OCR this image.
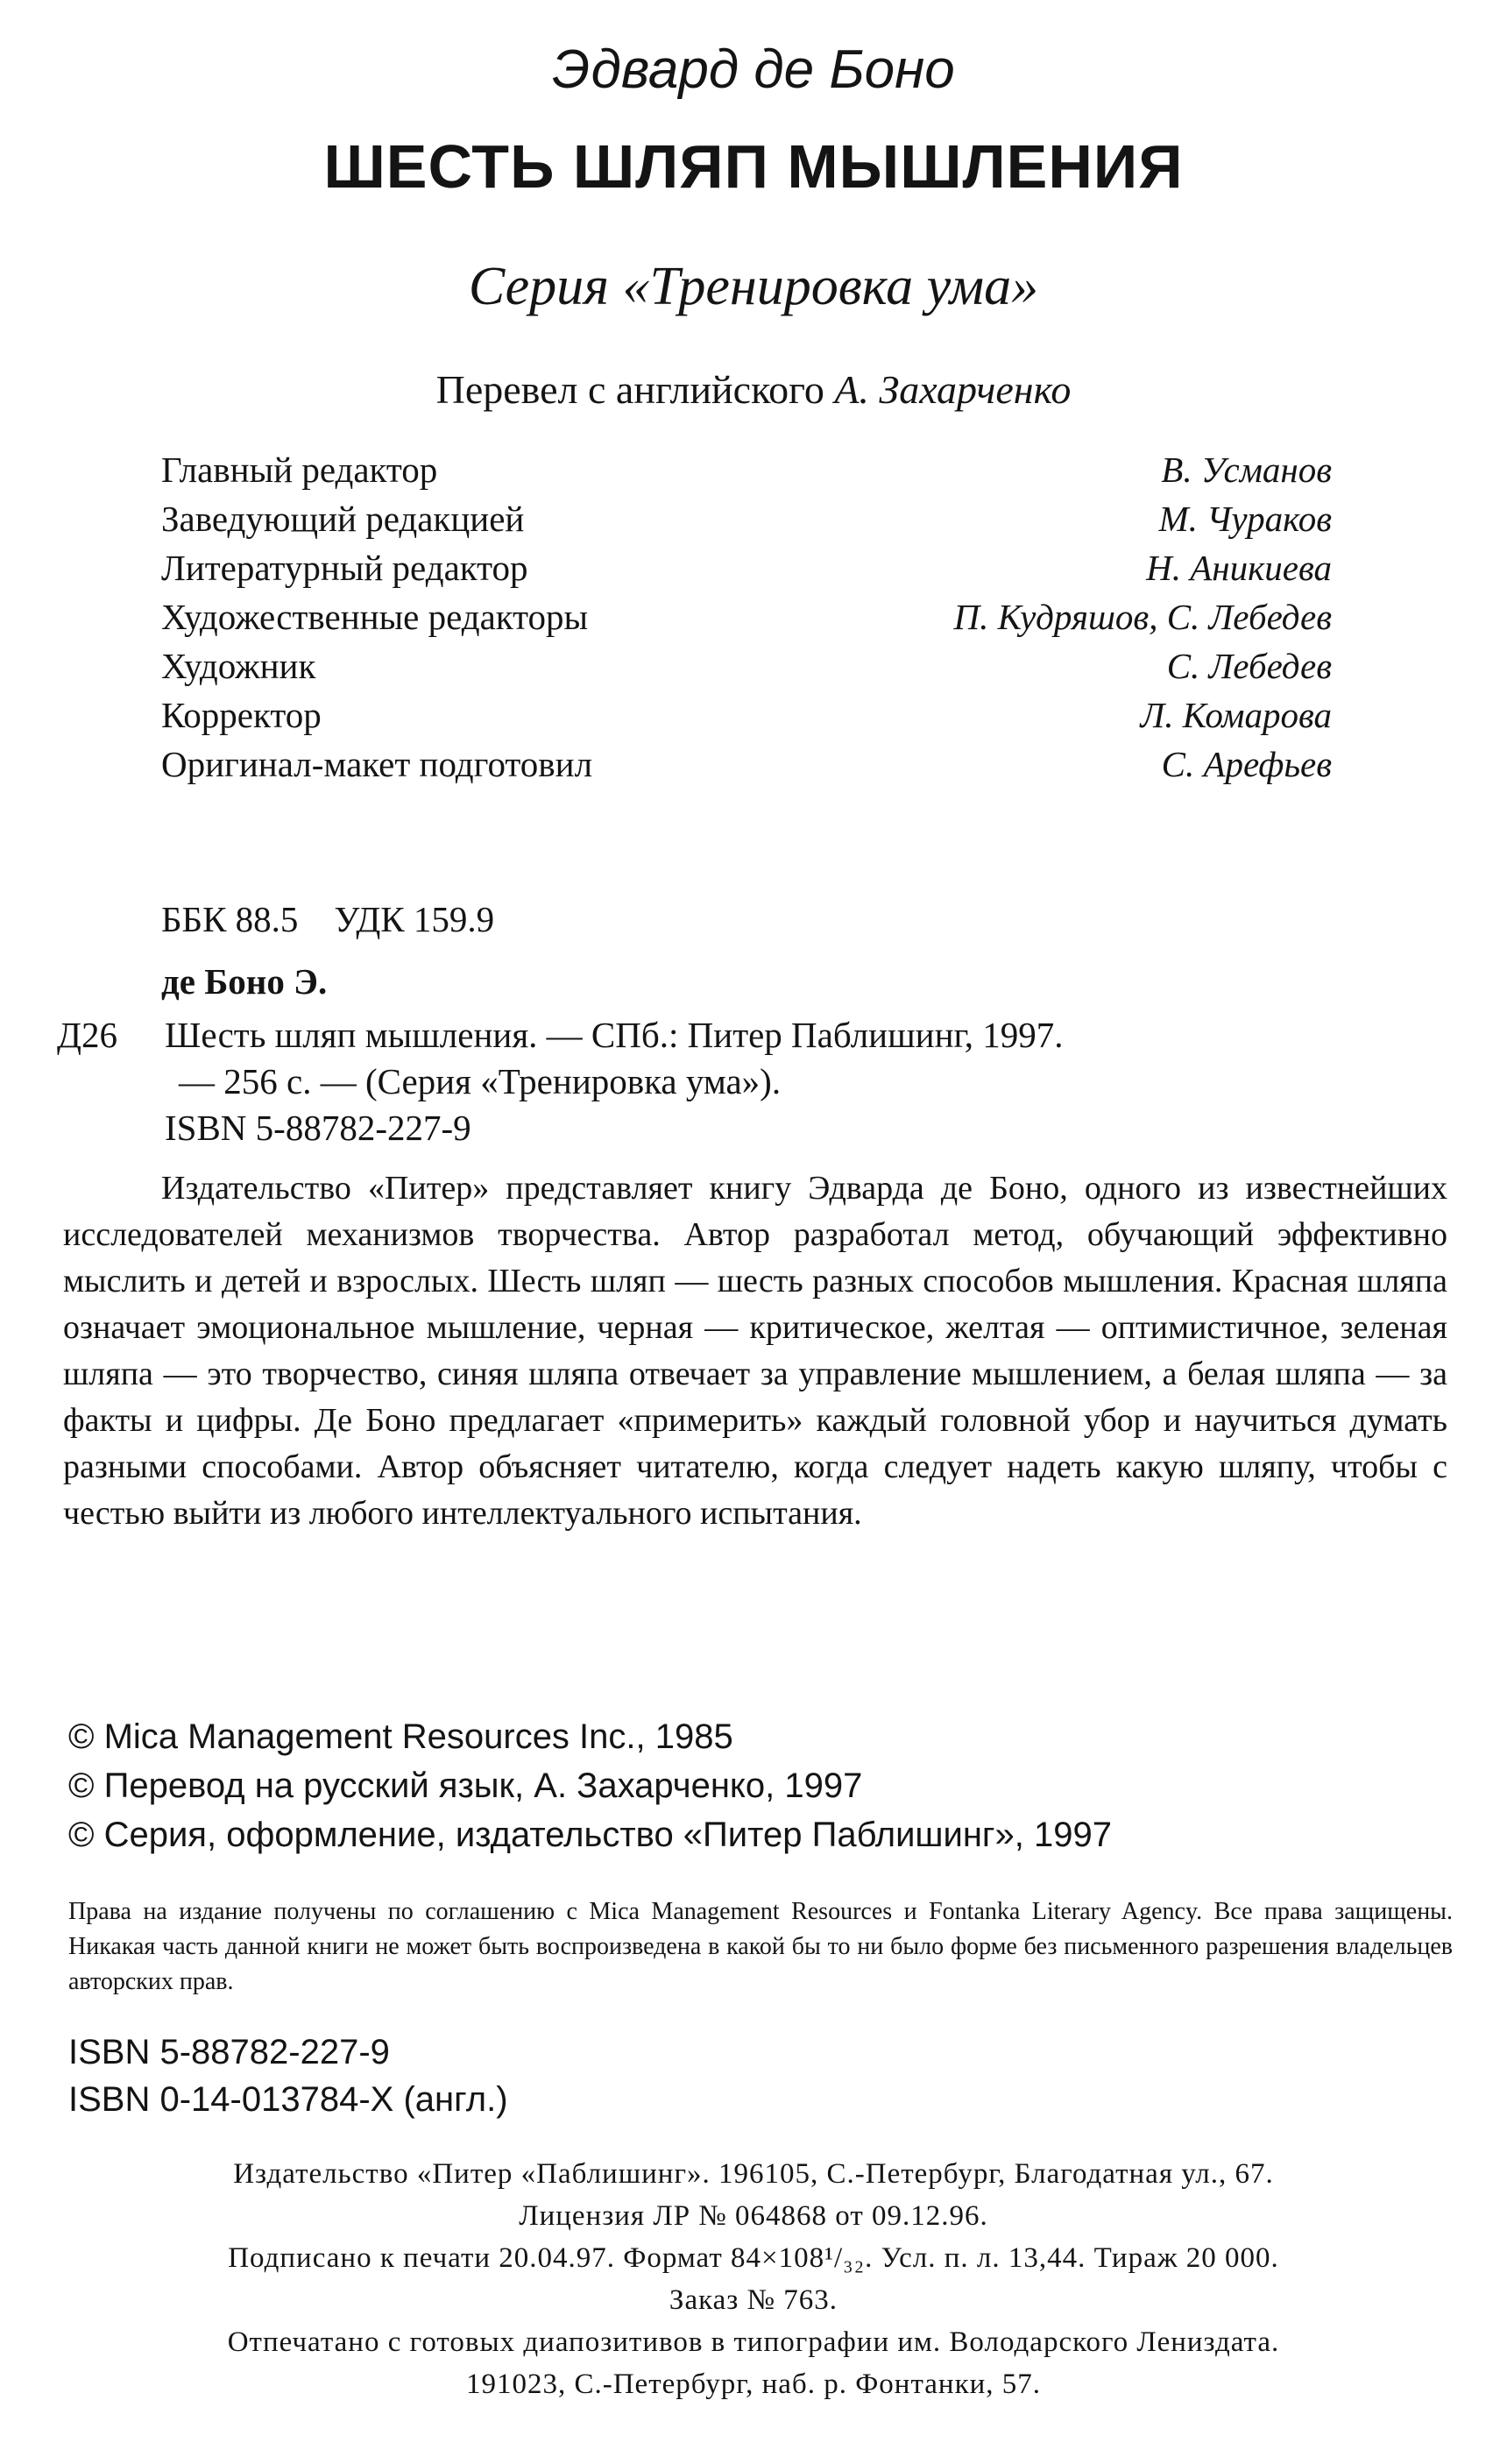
Эдвард де Боно
ШЕСТЬ ШЛЯП МЫШЛЕНИЯ
Серия «Тренировка ума»
Перевел с английского А. Захарченко
Главный редактор	В. Усманов
Заведующий редакцией	М. Чураков
Литературный редактор	Н. Аникиева
Художественные редакторы	П. Кудряшов, С. Лебедев
Художник	С. Лебедев
Корректор	Л. Комарова
Оригинал-макет подготовил	С. Арефьев
ББК 88.5    УДК 159.9
де Боно Э.
Д26 Шесть шляп мышления. — СПб.: Питер Паблишинг, 1997.
— 256 с. — (Серия «Тренировка ума»).
ISBN 5-88782-227-9

Издательство «Питер» представляет книгу Эдварда де Боно, одного из известнейших исследователей механизмов творчества. Автор разработал метод, обучающий эффективно мыслить и детей и взрослых. Шесть шляп — шесть разных способов мышления. Красная шляпа означает эмоциональное мышление, черная — критическое, желтая — оптимистичное, зеленая шляпа — это творчество, синяя шляпа отвечает за управление мышлением, а белая шляпа — за факты и цифры. Де Боно предлагает «примерить» каждый головной убор и научиться думать разными способами. Автор объясняет читателю, когда следует надеть какую шляпу, чтобы с честью выйти из любого интеллектуального испытания.

© Mica Management Resources Inc., 1985
© Перевод на русский язык, А. Захарченко, 1997
© Серия, оформление, издательство «Питер Паблишинг», 1997
Права на издание получены по соглашению с Mica Management Resources и Fontanka Literary Agency. Все права защищены. Никакая часть данной книги не может быть воспроизведена в какой бы то ни было форме без письменного разрешения владельцев авторских прав.
ISBN 5-88782-227-9
ISBN 0-14-013784-X (англ.)
Издательство «Питер «Паблишинг». 196105, С.-Петербург, Благодатная ул., 67.
Лицензия ЛР № 064868 от 09.12.96.
Подписано к печати 20.04.97. Формат 84×108¹/₃₂. Усл. п. л. 13,44. Тираж 20 000.
Заказ № 763.
Отпечатано с готовых диапозитивов в типографии им. Володарского Лениздата.
191023, С.-Петербург, наб. р. Фонтанки, 57.
